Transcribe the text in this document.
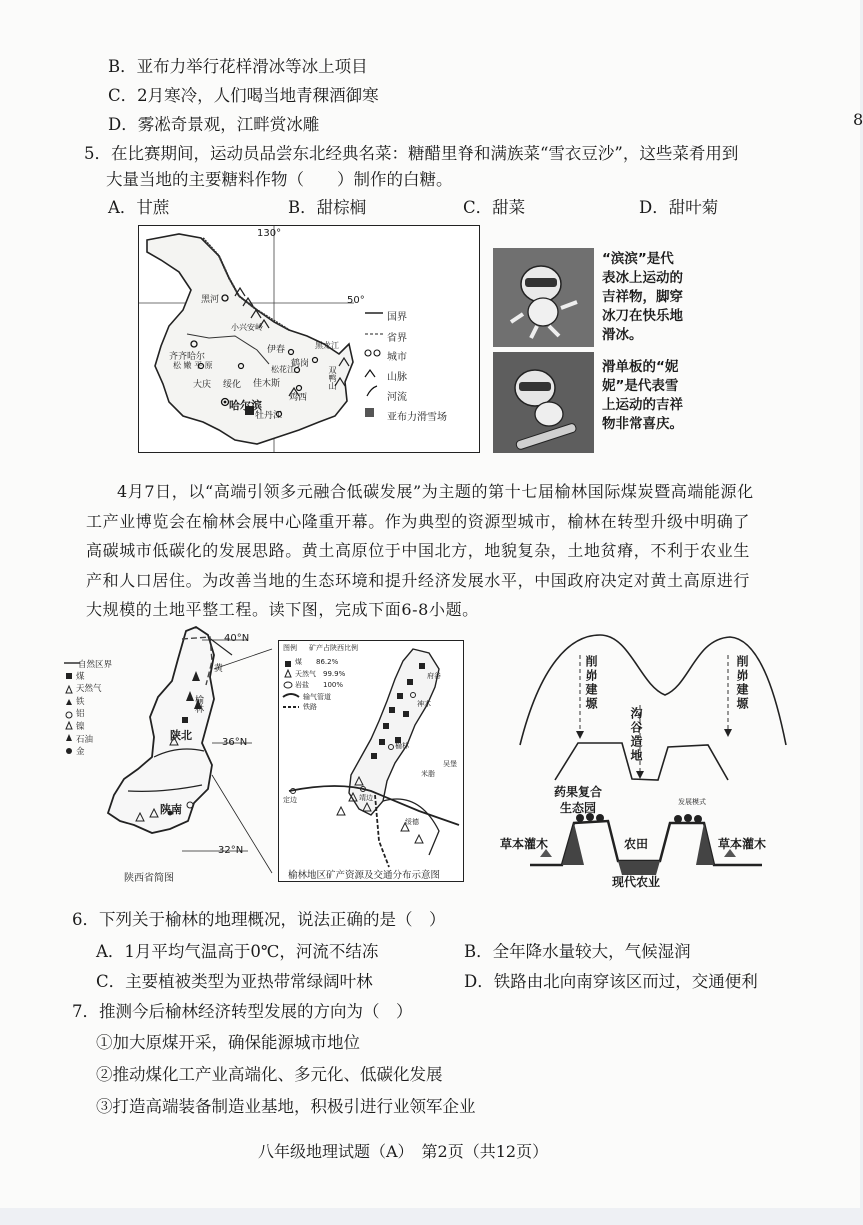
B．亚布力举行花样滑冰等冰上项目
C．2月寒冷，人们喝当地青稞酒御寒
D．雾凇奇景观，江畔赏冰雕	8
5．在比赛期间，运动员品尝东北经典名菜：糖醋里脊和满族菜“雪衣豆沙”，这些菜肴用到
大量当地的主要糖料作物（　　）制作的白糖。
A．甘蔗	B．甜棕榈	C．甜菜	D．甜叶菊
130°
50°
国界
省界
城市
山脉
河流
亚布力滑雪场
黑河
齐齐哈尔
松 嫩 平 原
大庆 绥化
伊春
佳木斯
鹤岗
哈尔滨
牡丹江
鸡西
双鸭山
小兴安岭
黑龙江
松花江
“滨滨”是代
表冰上运动的
吉祥物，脚穿
冰刀在快乐地
滑冰。
滑单板的“妮
妮”是代表雪
上运动的吉祥
物非常喜庆。
4月7日，以“高端引领多元融合低碳发展”为主题的第十七届榆林国际煤炭暨高端能源化
工产业博览会在榆林会展中心隆重开幕。作为典型的资源型城市，榆林在转型升级中明确了
高碳城市低碳化的发展思路。黄土高原位于中国北方，地貌复杂，土地贫瘠，不利于农业生
产和人口居住。为改善当地的生态环境和提升经济发展水平，中国政府决定对黄土高原进行
大规模的土地平整工程。读下图，完成下面6-8小题。
40°N
36°N
32°N
自然区界
煤
天然气
铁
铝
镍
石油
金
陕北
陕南
榆林
黄
陕西省简图
图例 矿产占陕西比例
煤　　86.2%
天然气　99.9%
岩盐　　100%
输气管道
铁路
府谷
神木
榆林
靖边
定边
米脂
吴堡
绥德
榆林地区矿产资源及交通分布示意图
削峁建塬	削峁建塬
沟谷造地
药果复合
生态园	发展模式
草本灌木	草本灌木
农田
现代农业
6．下列关于榆林的地理概况，说法正确的是（　）
A．1月平均气温高于0℃，河流不结冻	B．全年降水量较大，气候湿润
C．主要植被类型为亚热带常绿阔叶林	D．铁路由北向南穿该区而过，交通便利
7．推测今后榆林经济转型发展的方向为（　）
①加大原煤开采，确保能源城市地位
②推动煤化工产业高端化、多元化、低碳化发展
③打造高端装备制造业基地，积极引进行业领军企业
八年级地理试题（A）　第2页（共12页）
